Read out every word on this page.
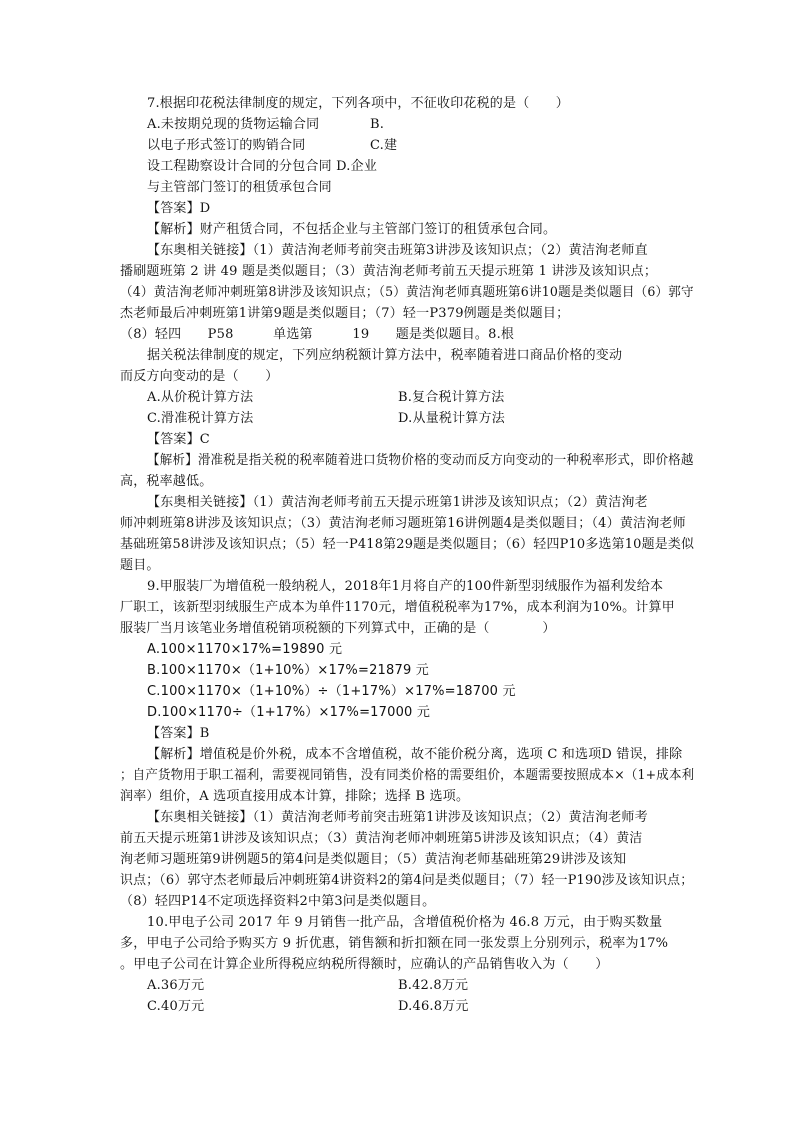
7.根据印花税法律制度的规定，下列各项中，不征收印花税的是（　　）
A.未按期兑现的货物运输合同	B.
以电子形式签订的购销合同	C.建
设工程勘察设计合同的分包合同 D.企业
与主管部门签订的租赁承包合同
【答案】D
【解析】财产租赁合同，不包括企业与主管部门签订的租赁承包合同。
【东奥相关链接】（1）黄洁洵老师考前突击班第3讲涉及该知识点；（2）黄洁洵老师直
播刷题班第 2 讲 49 题是类似题目；（3）黄洁洵老师考前五天提示班第 1 讲涉及该知识点；
（4）黄洁洵老师冲刺班第8讲涉及该知识点；（5）黄洁洵老师真题班第6讲10题是类似题目（6）郭守
杰老师最后冲刺班第1讲第9题是类似题目；（7）轻一P379例题是类似题目；
（8）轻四　　P58　　　单选第　　　19　　题是类似题目。8.根
据关税法律制度的规定，下列应纳税额计算方法中，税率随着进口商品价格的变动
而反方向变动的是（　　）
A.从价税计算方法	B.复合税计算方法
C.滑准税计算方法	D.从量税计算方法
【答案】C
【解析】滑准税是指关税的税率随着进口货物价格的变动而反方向变动的一种税率形式，即价格越
高，税率越低。
【东奥相关链接】（1）黄洁洵老师考前五天提示班第1讲涉及该知识点；（2）黄洁洵老
师冲刺班第8讲涉及该知识点；（3）黄洁洵老师习题班第16讲例题4是类似题目；（4）黄洁洵老师
基础班第58讲涉及该知识点；（5）轻一P418第29题是类似题目；（6）轻四P10多选第10题是类似
题目。
9.甲服装厂为增值税一般纳税人，2018年1月将自产的100件新型羽绒服作为福利发给本
厂职工，该新型羽绒服生产成本为单件1170元，增值税税率为17%，成本利润为10%。计算甲
服装厂当月该笔业务增值税销项税额的下列算式中，正确的是（　　　　）
A.100×1170×17%=19890 元
B.100×1170×（1+10%）×17%=21879 元
C.100×1170×（1+10%）÷（1+17%）×17%=18700 元
D.100×1170÷（1+17%）×17%=17000 元
【答案】B
【解析】增值税是价外税，成本不含增值税，故不能价税分离，选项 C 和选项D 错误，排除
；自产货物用于职工福利，需要视同销售，没有同类价格的需要组价，本题需要按照成本×（1+成本利
润率）组价，A 选项直接用成本计算，排除；选择 B 选项。
【东奥相关链接】（1）黄洁洵老师考前突击班第1讲涉及该知识点；（2）黄洁洵老师考
前五天提示班第1讲涉及该知识点；（3）黄洁洵老师冲刺班第5讲涉及该知识点；（4）黄洁
洵老师习题班第9讲例题5的第4问是类似题目；（5）黄洁洵老师基础班第29讲涉及该知
识点；（6）郭守杰老师最后冲刺班第4讲资料2的第4问是类似题目；（7）轻一P190涉及该知识点；
（8）轻四P14不定项选择资料2中第3问是类似题目。
10.甲电子公司 2017 年 9 月销售一批产品，含增值税价格为 46.8 万元，由于购买数量
多，甲电子公司给予购买方 9 折优惠，销售额和折扣额在同一张发票上分别列示，税率为17%
。甲电子公司在计算企业所得税应纳税所得额时，应确认的产品销售收入为（　　）
A.36万元	B.42.8万元
C.40万元	D.46.8万元
